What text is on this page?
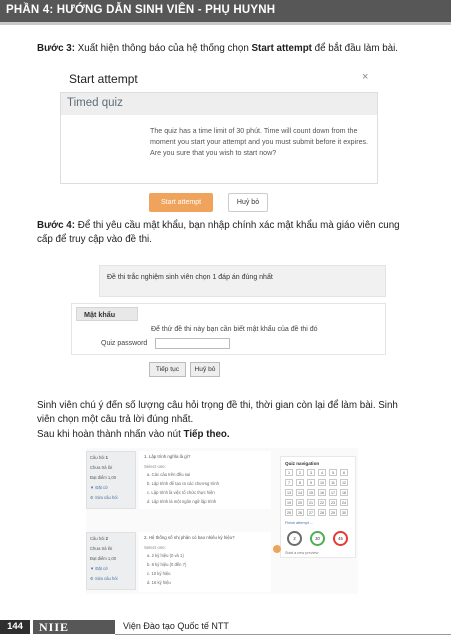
PHẦN 4: HƯỚNG DẪN SINH VIÊN - PHỤ HUYNH
Bước 3: Xuất hiện thông báo của hệ thống chọn Start attempt để bắt đầu làm bài.
Start attempt	×
Timed quiz
The quiz has a time limit of 30 phút. Time will count down from the moment you start your attempt and you must submit before it expires. Are you sure that you wish to start now?
Start attempt	Huỷ bỏ
Bước 4: Để thi yêu cầu mật khẩu, bạn nhập chính xác mật khẩu mà giáo viên cung
cấp để truy cập vào đề thi.
Đề thi trắc nghiệm sinh viên chọn 1 đáp án đúng nhất
Mật khẩu
Để thử đề thi này bạn cần biết mật khẩu của đề thi đó
Quiz password
Tiếp tục	Huỷ bỏ
Sinh viên chú ý đến số lượng câu hỏi trọng đề thi, thời gian còn lại để làm bài. Sinh
viên chọn một câu trả lời đúng nhất.
Sau khi hoàn thành nhấn vào nút Tiếp theo.
Câu hỏi 1
Chưa trả lời
Đạt điểm 1,00
▼ Đặt cờ
⚙ Sửa câu hỏi
1. Lập trình nghĩa là gì?
Select one:
a. Các câu trên đều sai
b. Lập trình để tạo ra các chương trình
c. Lập trình là việc tổ chức thực hiện
d. Lập trình là một ngôn ngữ lập trình
Câu hỏi 2
Chưa trả lời
Đạt điểm 1,00
▼ Đặt cờ
⚙ Sửa câu hỏi
2. Hệ thống số nhị phân có bao nhiêu ký hiệu?
Select one:
a. 2 ký hiệu (0 và 1)
b. 8 ký hiệu (0 đến 7)
c. 10 ký hiệu
d. 16 ký hiệu
Quiz navigation
1	2	3	4	5	6
7	8	9	10	11	12
13	14	15	16	17	18
19	20	21	22	23	24
25	26	27	28	29	30
Finish attempt ...
2	30	45
Start a new preview
144	NIIE	Viện Đào tạo Quốc tế NTT
